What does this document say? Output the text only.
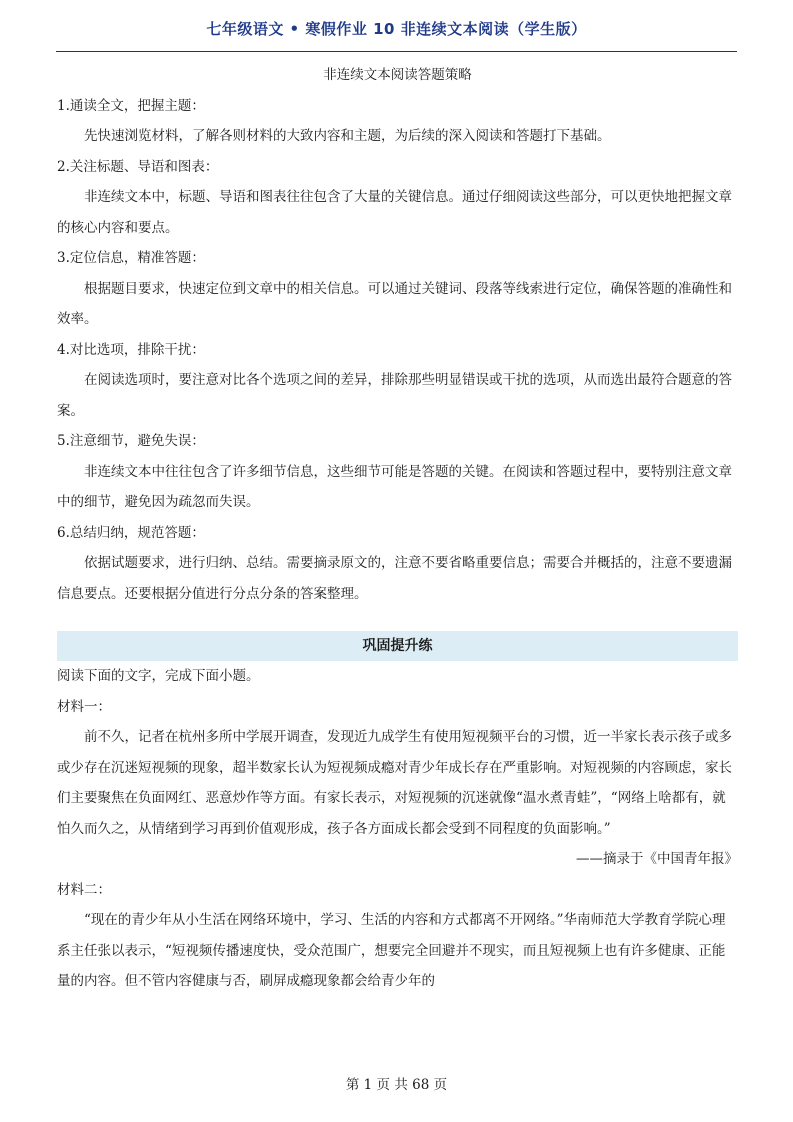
七年级语文 • 寒假作业 10 非连续文本阅读（学生版）

非连续文本阅读答题策略

1.通读全文，把握主题：

先快速浏览材料，了解各则材料的大致内容和主题，为后续的深入阅读和答题打下基础。

2.关注标题、导语和图表：

非连续文本中，标题、导语和图表往往包含了大量的关键信息。通过仔细阅读这些部分，可以更快地把握文章的核心内容和要点。

3.定位信息，精准答题：

根据题目要求，快速定位到文章中的相关信息。可以通过关键词、段落等线索进行定位，确保答题的准确性和效率。

4.对比选项，排除干扰：

在阅读选项时，要注意对比各个选项之间的差异，排除那些明显错误或干扰的选项，从而选出最符合题意的答案。

5.注意细节，避免失误：

非连续文本中往往包含了许多细节信息，这些细节可能是答题的关键。在阅读和答题过程中，要特别注意文章中的细节，避免因为疏忽而失误。

6.总结归纳，规范答题：

依据试题要求，进行归纳、总结。需要摘录原文的，注意不要省略重要信息；需要合并概括的，注意不要遗漏信息要点。还要根据分值进行分点分条的答案整理。

巩固提升练

阅读下面的文字，完成下面小题。

材料一：

前不久，记者在杭州多所中学展开调查，发现近九成学生有使用短视频平台的习惯，近一半家长表示孩子或多或少存在沉迷短视频的现象，超半数家长认为短视频成瘾对青少年成长存在严重影响。对短视频的内容顾虑，家长们主要聚焦在负面网红、恶意炒作等方面。有家长表示，对短视频的沉迷就像“温水煮青蛙”，“网络上啥都有，就怕久而久之，从情绪到学习再到价值观形成，孩子各方面成长都会受到不同程度的负面影响。”

——摘录于《中国青年报》

材料二：

“现在的青少年从小生活在网络环境中，学习、生活的内容和方式都离不开网络。”华南师范大学教育学院心理系主任张以表示，“短视频传播速度快，受众范围广，想要完全回避并不现实，而且短视频上也有许多健康、正能量的内容。但不管内容健康与否，刷屏成瘾现象都会给青少年的

第 1 页 共 68 页
